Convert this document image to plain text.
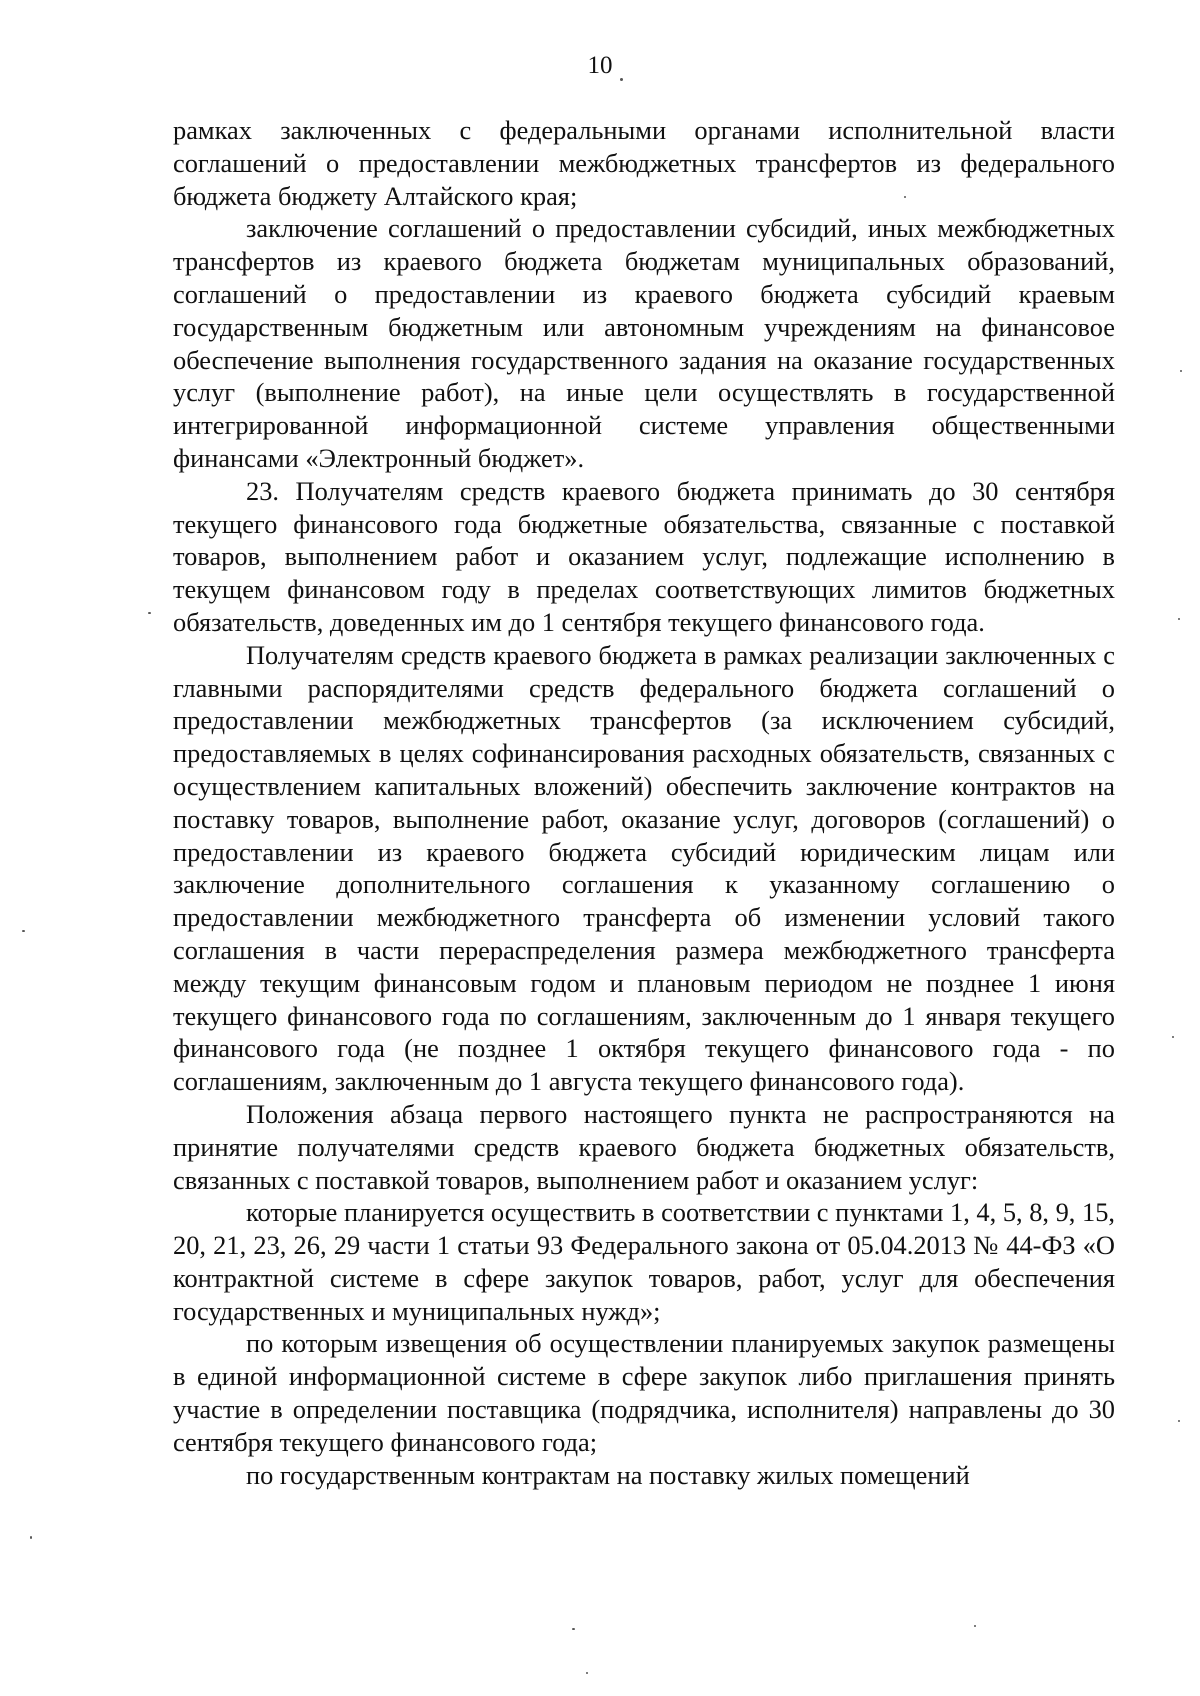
10

рамках заключенных с федеральными органами исполнительной власти соглашений о предоставлении межбюджетных трансфертов из федерального бюджета бюджету Алтайского края;

заключение соглашений о предоставлении субсидий, иных межбюджетных трансфертов из краевого бюджета бюджетам муниципальных образований, соглашений о предоставлении из краевого бюджета субсидий краевым государственным бюджетным или автономным учреждениям на финансовое обеспечение выполнения государственного задания на оказание государственных услуг (выполнение работ), на иные цели осуществлять в государственной интегрированной информационной системе управления общественными финансами «Электронный бюджет».

23. Получателям средств краевого бюджета принимать до 30 сентября текущего финансового года бюджетные обязательства, связанные с поставкой товаров, выполнением работ и оказанием услуг, подлежащие исполнению в текущем финансовом году в пределах соответствующих лимитов бюджетных обязательств, доведенных им до 1 сентября текущего финансового года.

Получателям средств краевого бюджета в рамках реализации заключенных с главными распорядителями средств федерального бюджета соглашений о предоставлении межбюджетных трансфертов (за исключением субсидий, предоставляемых в целях софинансирования расходных обязательств, связанных с осуществлением капитальных вложений) обеспечить заключение контрактов на поставку товаров, выполнение работ, оказание услуг, договоров (соглашений) о предоставлении из краевого бюджета субсидий юридическим лицам или заключение дополнительного соглашения к указанному соглашению о предоставлении межбюджетного трансферта об изменении условий такого соглашения в части перераспределения размера межбюджетного трансферта между текущим финансовым годом и плановым периодом не позднее 1 июня текущего финансового года по соглашениям, заключенным до 1 января текущего финансового года (не позднее 1 октября текущего финансового года - по соглашениям, заключенным до 1 августа текущего финансового года).

Положения абзаца первого настоящего пункта не распространяются на принятие получателями средств краевого бюджета бюджетных обязательств, связанных с поставкой товаров, выполнением работ и оказанием услуг:

которые планируется осуществить в соответствии с пунктами 1, 4, 5, 8, 9, 15, 20, 21, 23, 26, 29 части 1 статьи 93 Федерального закона от 05.04.2013 № 44-ФЗ «О контрактной системе в сфере закупок товаров, работ, услуг для обеспечения государственных и муниципальных нужд»;

по которым извещения об осуществлении планируемых закупок размещены в единой информационной системе в сфере закупок либо приглашения принять участие в определении поставщика (подрядчика, исполнителя) направлены до 30 сентября текущего финансового года;

по государственным контрактам на поставку жилых помещений
